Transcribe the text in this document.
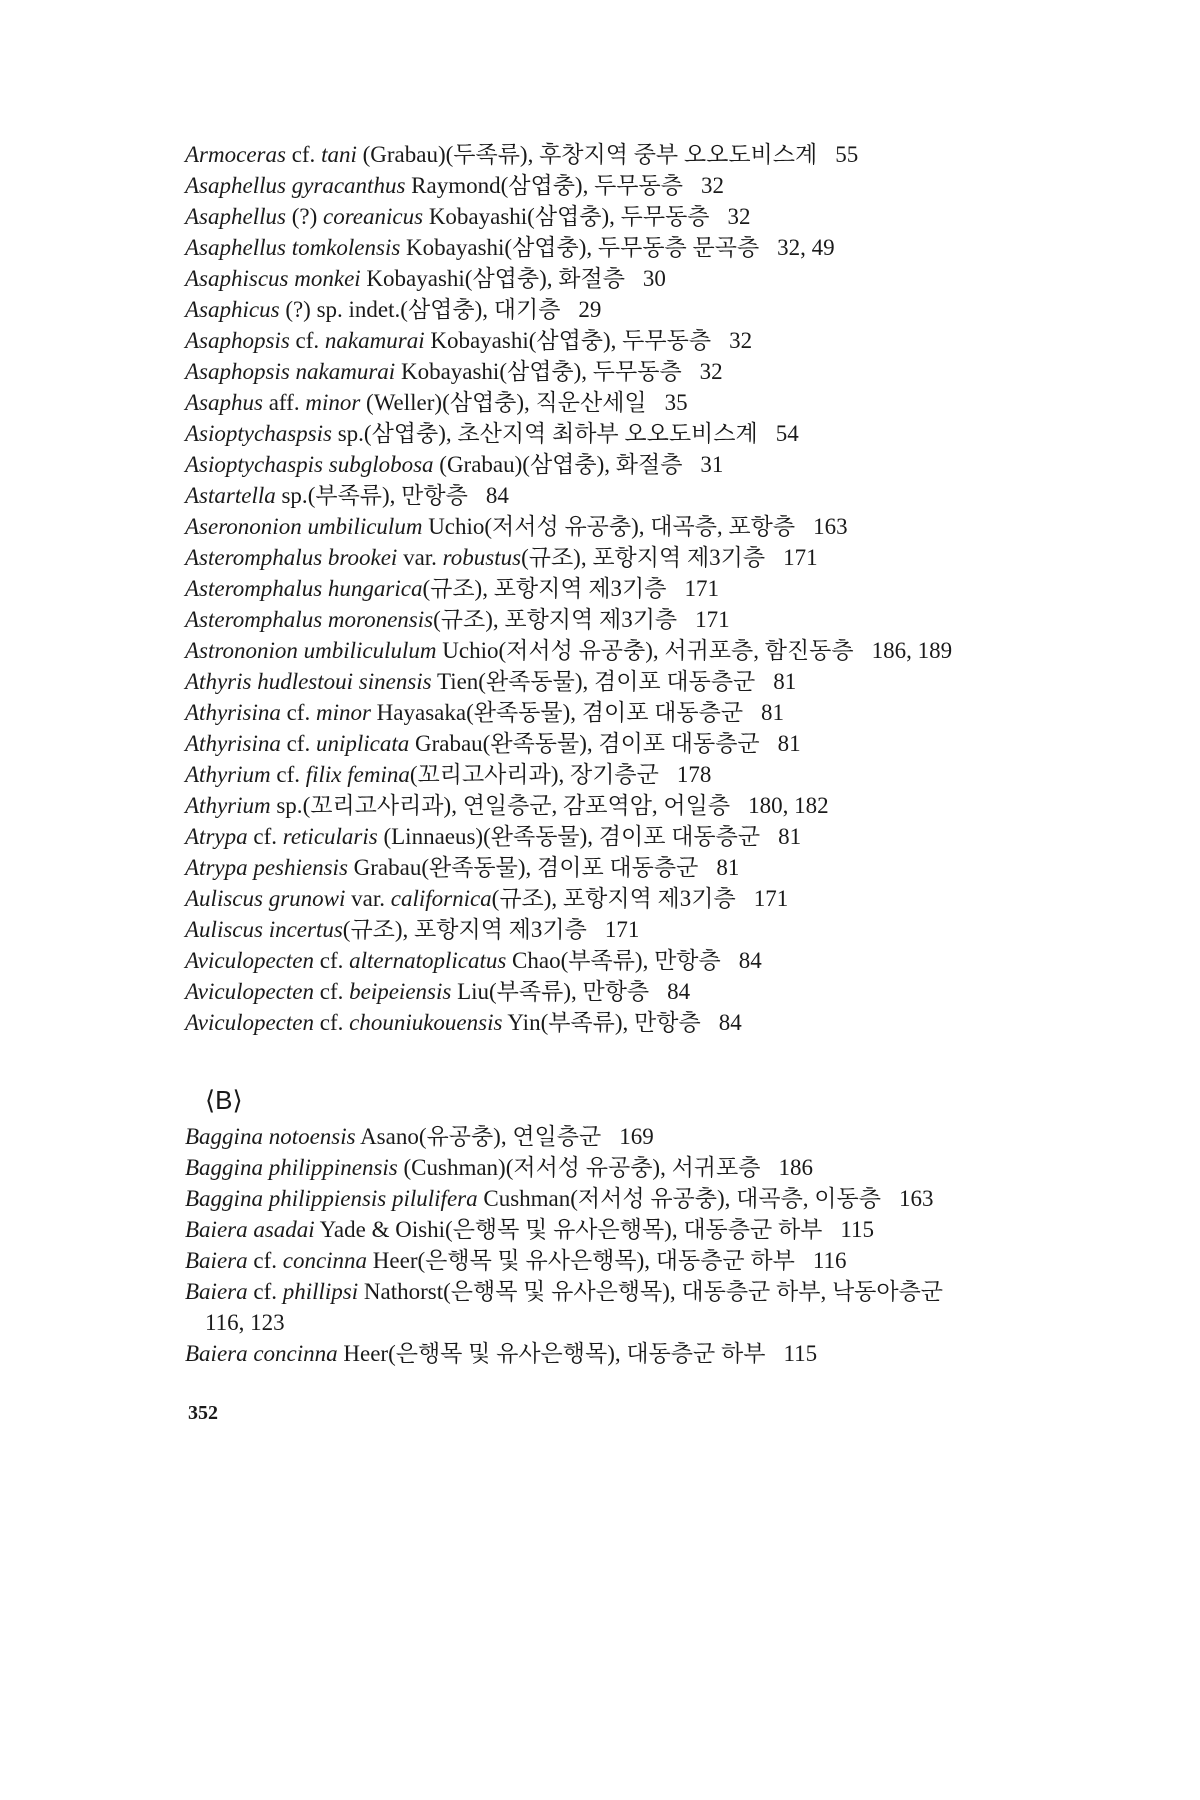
Armoceras cf. tani (Grabau)(두족류), 후창지역 중부 오오도비스계 55
Asaphellus gyracanthus Raymond(삼엽충), 두무동층 32
Asaphellus (?) coreanicus Kobayashi(삼엽충), 두무동층 32
Asaphellus tomkolensis Kobayashi(삼엽충), 두무동층 문곡층 32, 49
Asaphiscus monkei Kobayashi(삼엽충), 화절층 30
Asaphicus (?) sp. indet.(삼엽충), 대기층 29
Asaphopsis cf. nakamurai Kobayashi(삼엽충), 두무동층 32
Asaphopsis nakamurai Kobayashi(삼엽충), 두무동층 32
Asaphus aff. minor (Weller)(삼엽충), 직운산세일 35
Asioptychaspsis sp.(삼엽충), 초산지역 최하부 오오도비스계 54
Asioptychaspis subglobosa (Grabau)(삼엽충), 화절층 31
Astartella sp.(부족류), 만항층 84
Aserononion umbiliculum Uchio(저서성 유공충), 대곡층, 포항층 163
Asteromphalus brookei var. robustus(규조), 포항지역 제3기층 171
Asteromphalus hungarica(규조), 포항지역 제3기층 171
Asteromphalus moronensis(규조), 포항지역 제3기층 171
Astrononion umbilicululum Uchio(저서성 유공충), 서귀포층, 함진동층 186, 189
Athyris hudlestoui sinensis Tien(완족동물), 겸이포 대동층군 81
Athyrisina cf. minor Hayasaka(완족동물), 겸이포 대동층군 81
Athyrisina cf. uniplicata Grabau(완족동물), 겸이포 대동층군 81
Athyrium cf. filix femina(꼬리고사리과), 장기층군 178
Athyrium sp.(꼬리고사리과), 연일층군, 감포역암, 어일층 180, 182
Atrypa cf. reticularis (Linnaeus)(완족동물), 겸이포 대동층군 81
Atrypa peshiensis Grabau(완족동물), 겸이포 대동층군 81
Auliscus grunowi var. californica(규조), 포항지역 제3기층 171
Auliscus incertus(규조), 포항지역 제3기층 171
Aviculopecten cf. alternatoplicatus Chao(부족류), 만항층 84
Aviculopecten cf. beipeiensis Liu(부족류), 만항층 84
Aviculopecten cf. chouniukouensis Yin(부족류), 만항층 84
⟨B⟩
Baggina notoensis Asano(유공충), 연일층군 169
Baggina philippinensis (Cushman)(저서성 유공충), 서귀포층 186
Baggina philippiensis pilulifera Cushman(저서성 유공충), 대곡층, 이동층 163
Baiera asadai Yade & Oishi(은행목 및 유사은행목), 대동층군 하부 115
Baiera cf. concinna Heer(은행목 및 유사은행목), 대동층군 하부 116
Baiera cf. phillipsi Nathorst(은행목 및 유사은행목), 대동층군 하부, 낙동아층군
116, 123
Baiera concinna Heer(은행목 및 유사은행목), 대동층군 하부 115
352
